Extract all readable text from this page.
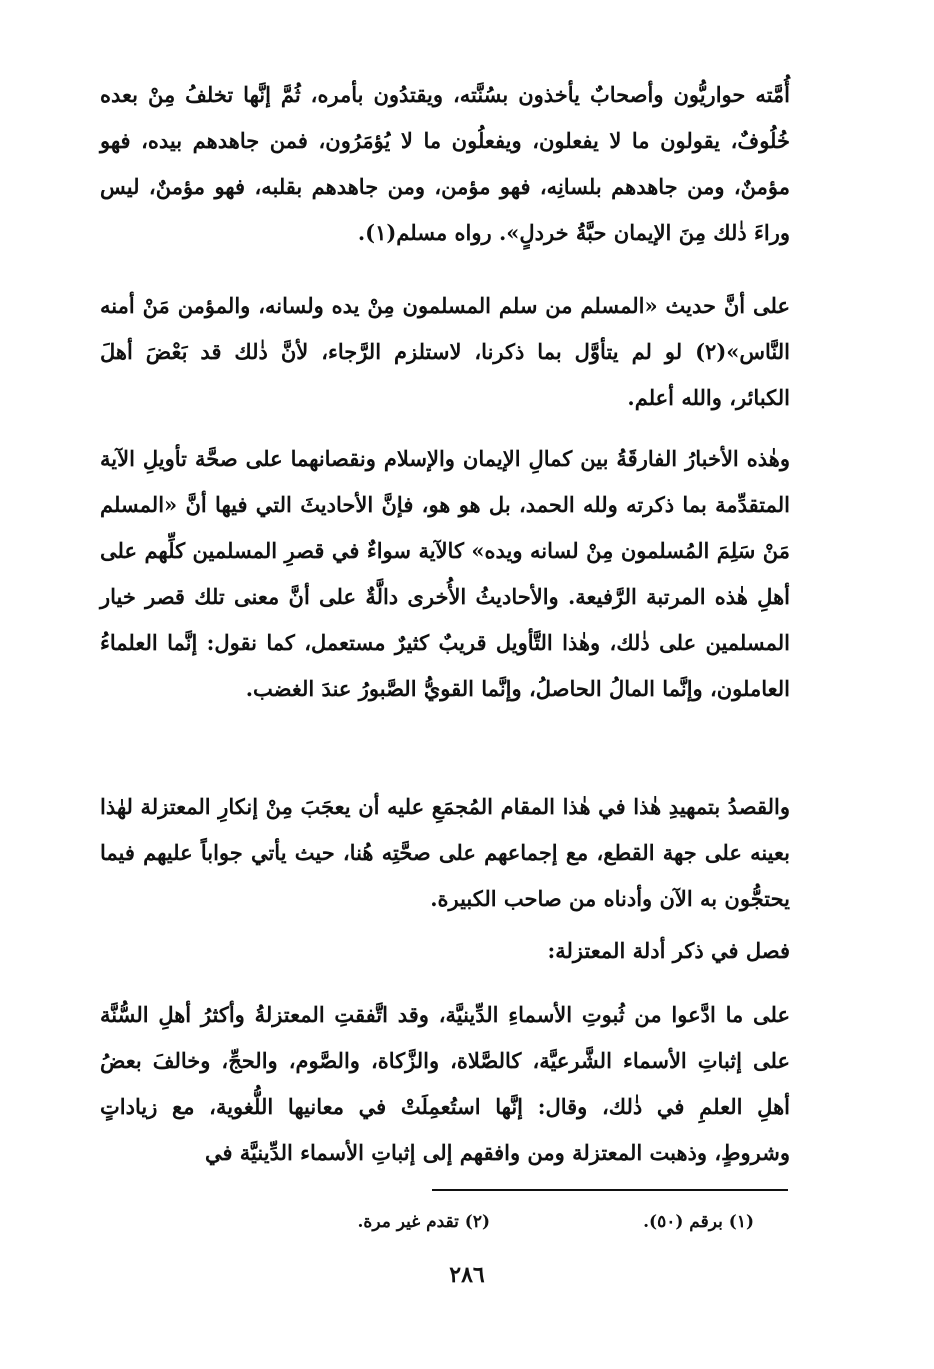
أُمَّته حواريُّون وأصحابٌ يأخذون بسُنَّته، ويقتدُون بأمره، ثُمَّ إنَّها تخلفُ مِنْ بعده خُلُوفٌ، يقولون ما لا يفعلون، ويفعلُون ما لا يُؤمَرُون، فمن جاهدهم بيده، فهو مؤمنٌ، ومن جاهدهم بلسانِه، فهو مؤمن، ومن جاهدهم بقلبه، فهو مؤمنٌ، ليس وراءَ ذٰلك مِنَ الإيمان حبَّةُ خردلٍ». رواه مسلم(١).

على أنَّ حديث «المسلم من سلم المسلمون مِنْ يده ولسانه، والمؤمن مَنْ أمنه النَّاس»(٢) لو لم يتأوَّل بما ذكرنا، لاستلزم الرَّجاء، لأنَّ ذٰلك قد بَعْضَ أهلَ الكبائر، والله أعلم.

وهٰذه الأخبارُ الفارقَةُ بين كمالِ الإيمان والإسلام ونقصانهما على صحَّة تأويلِ الآية المتقدِّمة بما ذكرته ولله الحمد، بل هو هو، فإنَّ الأحاديثَ التي فيها أنَّ «المسلم مَنْ سَلِمَ المُسلمون مِنْ لسانه ويده» كالآية سواءٌ في قصرِ المسلمين كلِّهم على أهلِ هٰذه المرتبة الرَّفيعة. والأحاديثُ الأُخرى دالَّةٌ على أنَّ معنى تلك قصر خيار المسلمين على ذٰلك، وهٰذا التَّأويل قريبٌ كثيرٌ مستعمل، كما نقول: إنَّما العلماءُ العاملون، وإنَّما المالُ الحاصلُ، وإنَّما القويُّ الصَّبورُ عندَ الغضب.

والقصدُ بتمهيدِ هٰذا في هٰذا المقام المُجمَعِ عليه أن يعجَبَ مِنْ إنكارِ المعتزلة لهٰذا بعينه على جهة القطع، مع إجماعهم على صحَّتِه هُنا، حيث يأتي جواباً عليهم فيما يحتجُّون به الآن وأدناه من صاحب الكبيرة.

فصل في ذكر أدلة المعتزلة:

على ما ادَّعوا من ثُبوتِ الأسماءِ الدِّينيَّة، وقد اتَّفقتِ المعتزلةُ وأكثرُ أهلِ السُّنَّة على إثباتِ الأسماء الشَّرعيَّة، كالصَّلاة، والزَّكاة، والصَّوم، والحجِّ، وخالفَ بعضُ أهلِ العلمِ في ذٰلك، وقال: إنَّها استُعمِلَتْ في معانيها اللُّغوية، مع زياداتٍ وشروطٍ، وذهبت المعتزلة ومن وافقهم إلى إثباتِ الأسماء الدِّينيَّة في

(١) برقم (٥٠).
(٢) تقدم غير مرة.
٢٨٦
